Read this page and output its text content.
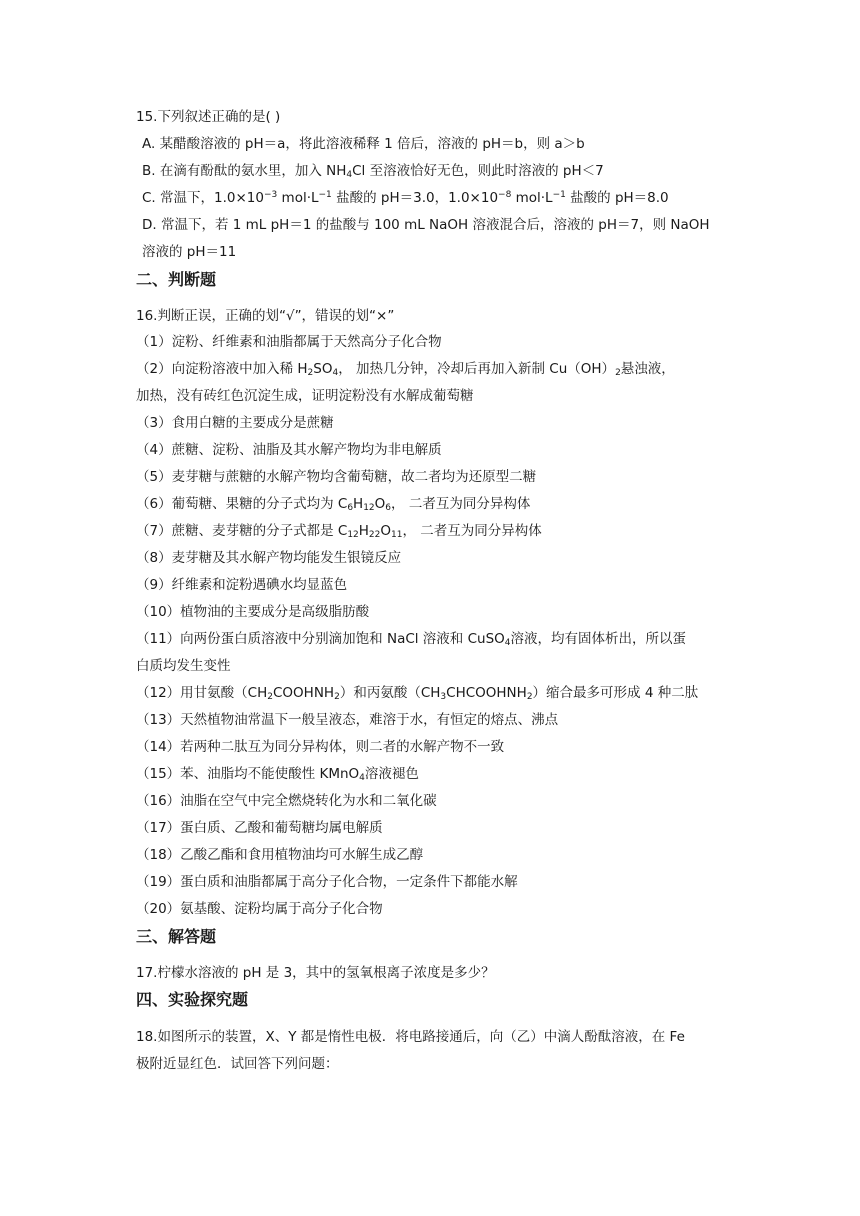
15.下列叙述正确的是( )
A. 某醋酸溶液的 pH＝a，将此溶液稀释 1 倍后，溶液的 pH＝b，则 a＞b
B. 在滴有酚酞的氨水里，加入 $NH_4Cl$ 至溶液恰好无色，则此时溶液的 pH＜7
C. 常温下，$1.0\times 10^{-3}$ $mol\cdot L^{-1}$ 盐酸的 pH＝3.0，$1.0\times 10^{-8}$ $mol\cdot L^{-1}$ 盐酸的 pH＝8.0
D. 常温下，若 1 mL pH＝1 的盐酸与 100 mL NaOH 溶液混合后，溶液的 pH＝7，则 NaOH
溶液的 pH＝11
二、判断题
16.判断正误，正确的划“√”，错误的划“×”
（1）淀粉、纤维素和油脂都属于天然高分子化合物
（2）向淀粉溶液中加入稀 $H_2SO_4$， 加热几分钟，冷却后再加入新制 $Cu(OH)_2$悬浊液，
加热，没有砖红色沉淀生成，证明淀粉没有水解成葡萄糖
（3）食用白糖的主要成分是蔗糖
（4）蔗糖、淀粉、油脂及其水解产物均为非电解质
（5）麦芽糖与蔗糖的水解产物均含葡萄糖，故二者均为还原型二糖
（6）葡萄糖、果糖的分子式均为 $C_6H_{12}O_6$， 二者互为同分异构体
（7）蔗糖、麦芽糖的分子式都是 $C_{12}H_{22}O_{11}$， 二者互为同分异构体
（8）麦芽糖及其水解产物均能发生银镜反应
（9）纤维素和淀粉遇碘水均显蓝色
（10）植物油的主要成分是高级脂肪酸
（11）向两份蛋白质溶液中分别滴加饱和 NaCl 溶液和 CuSO$_4$溶液，均有固体析出，所以蛋
白质均发生变性
（12）用甘氨酸$(CH_2COOHNH_2)$和丙氨酸$(CH_3CHCOOHNH_2)$缩合最多可形成 4 种二肽
（13）天然植物油常温下一般呈液态，难溶于水，有恒定的熔点、沸点
（14）若两种二肽互为同分异构体，则二者的水解产物不一致
（15）苯、油脂均不能使酸性 KMnO$_4$溶液褪色
（16）油脂在空气中完全燃烧转化为水和二氧化碳
（17）蛋白质、乙酸和葡萄糖均属电解质
（18）乙酸乙酯和食用植物油均可水解生成乙醇
（19）蛋白质和油脂都属于高分子化合物，一定条件下都能水解
（20）氨基酸、淀粉均属于高分子化合物
三、解答题
17.柠檬水溶液的 pH 是 3，其中的氢氧根离子浓度是多少？
四、实验探究题
18.如图所示的装置，X、Y 都是惰性电极．将电路接通后，向（乙）中滴人酚酞溶液，在 Fe
极附近显红色．试回答下列问题：
